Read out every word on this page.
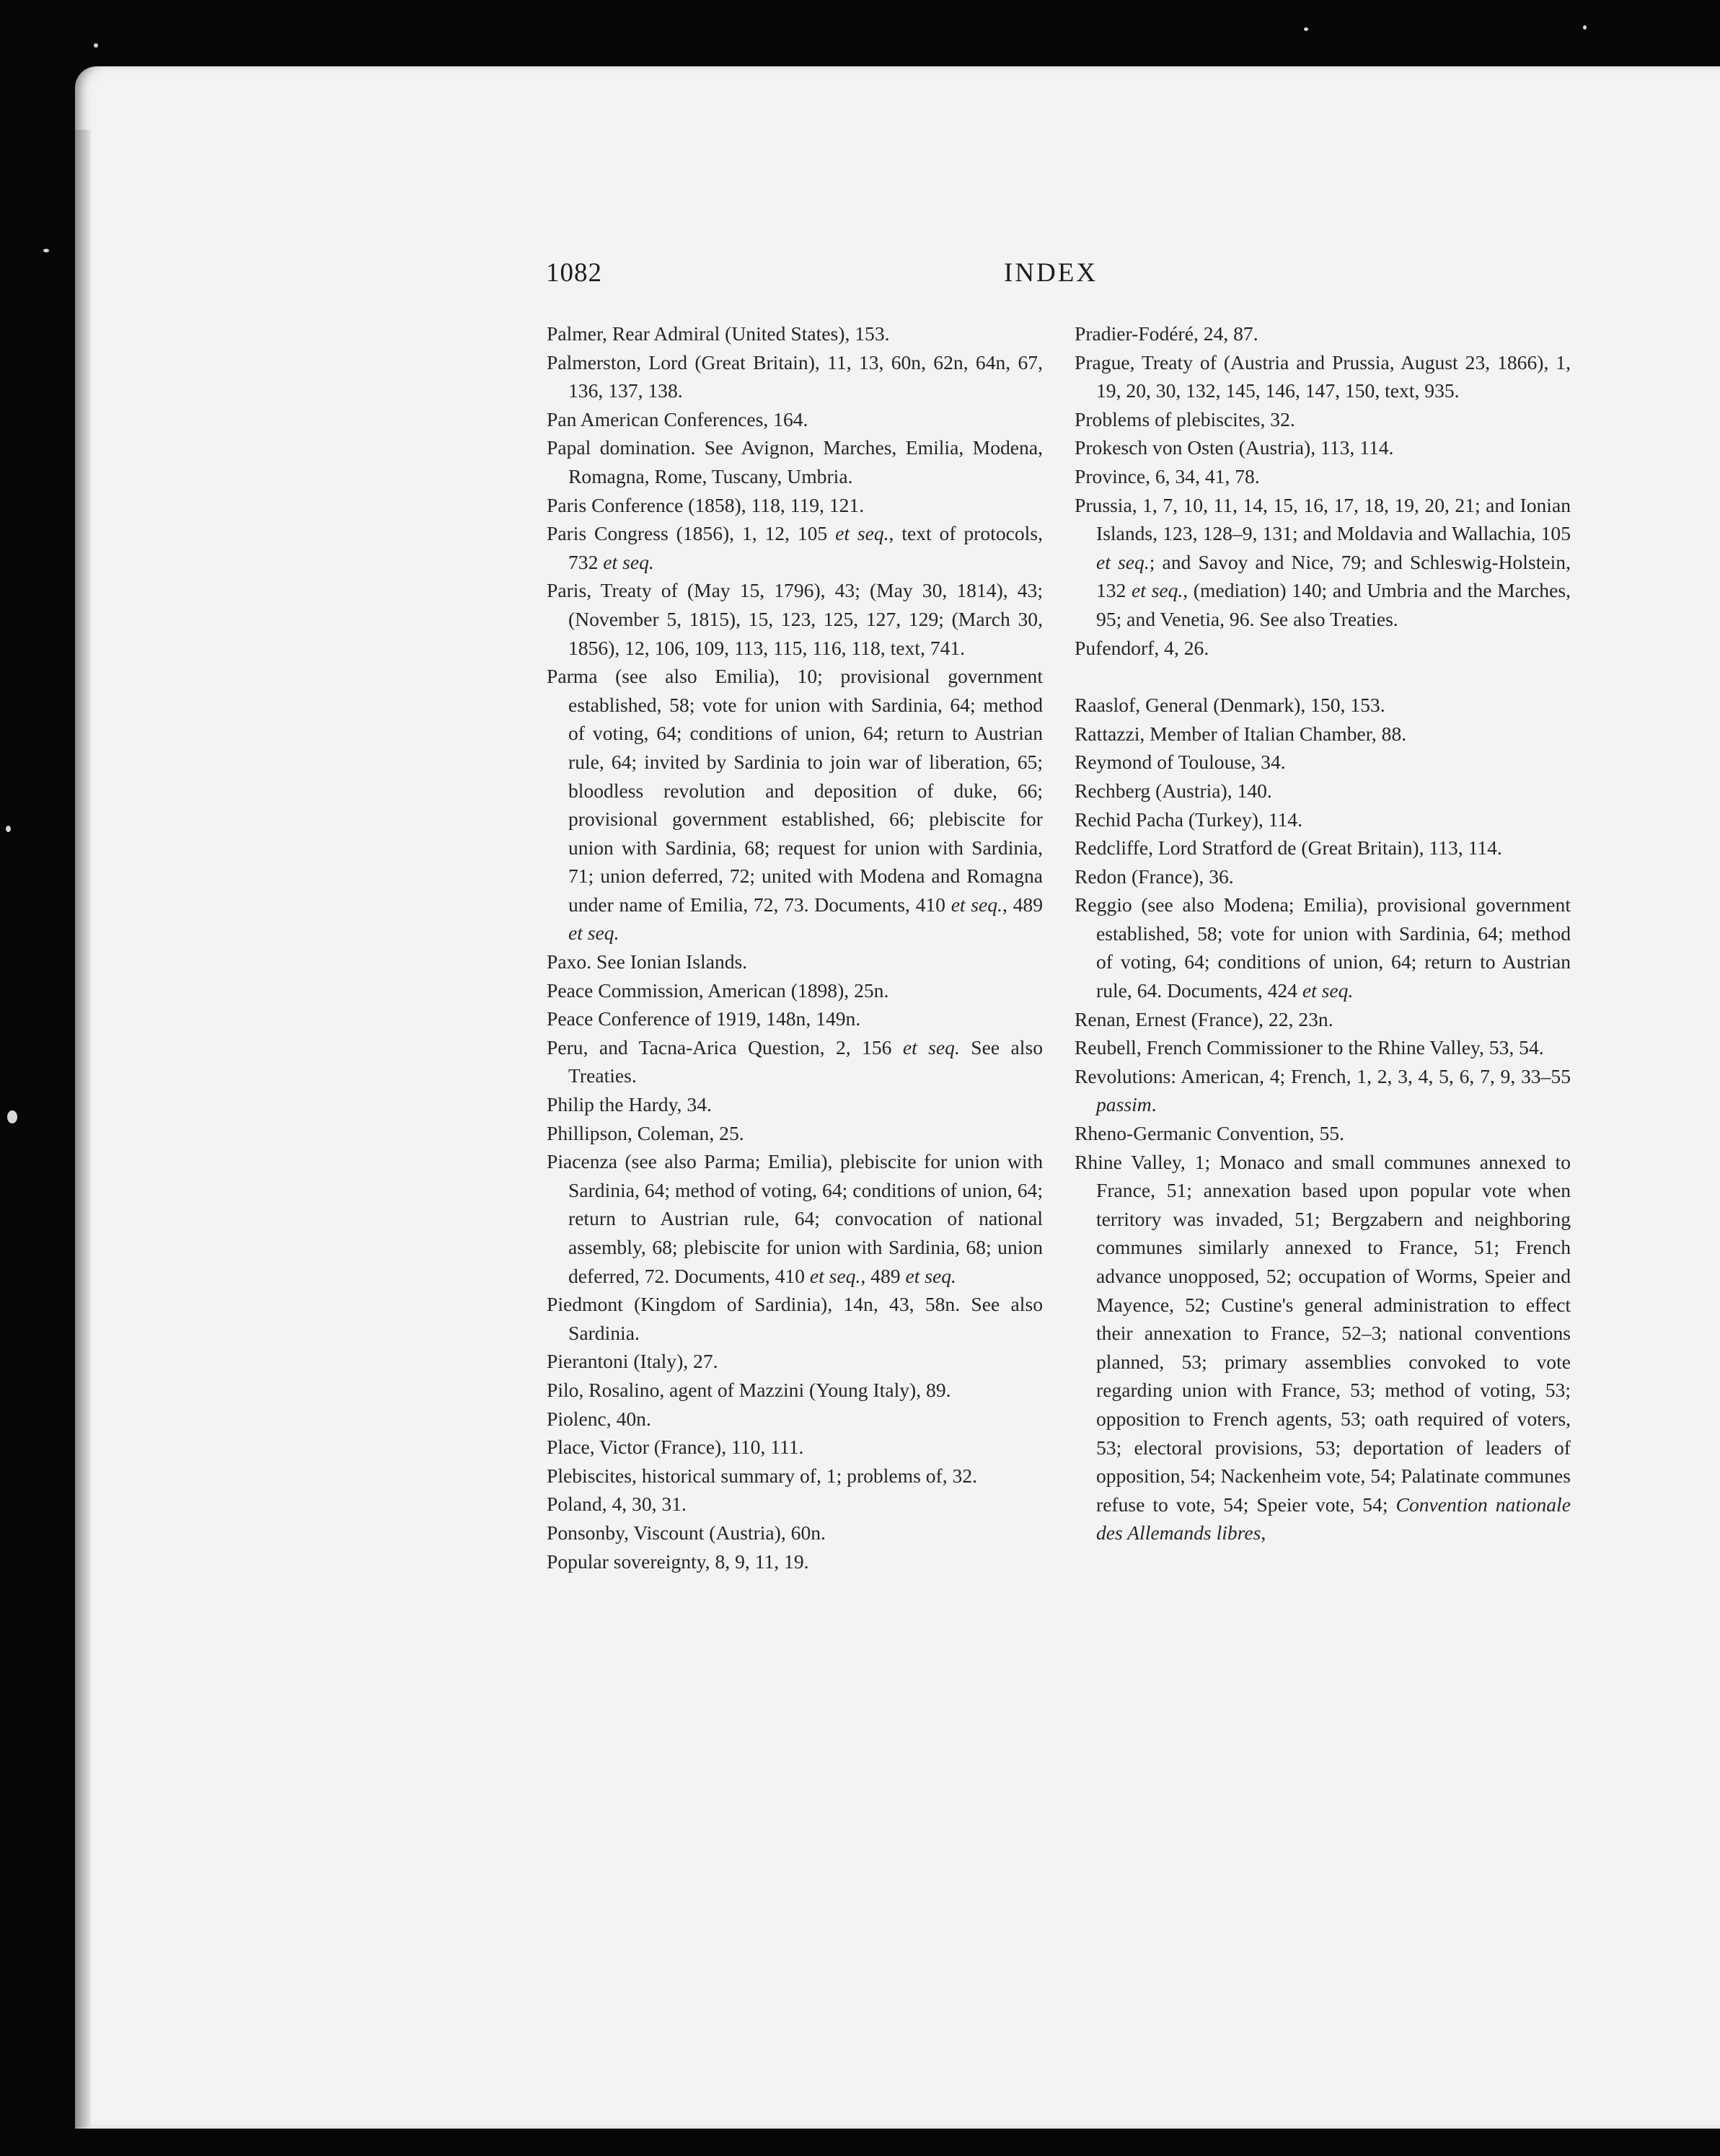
1082	INDEX

Palmer, Rear Admiral (United States), 153.

Palmerston, Lord (Great Britain), 11, 13, 60n, 62n, 64n, 67, 136, 137, 138.

Pan American Conferences, 164.

Papal domination. See Avignon, Marches, Emilia, Modena, Romagna, Rome, Tuscany, Umbria.

Paris Conference (1858), 118, 119, 121.

Paris Congress (1856), 1, 12, 105 et seq., text of protocols, 732 et seq.

Paris, Treaty of (May 15, 1796), 43; (May 30, 1814), 43; (November 5, 1815), 15, 123, 125, 127, 129; (March 30, 1856), 12, 106, 109, 113, 115, 116, 118, text, 741.

Parma (see also Emilia), 10; provisional government established, 58; vote for union with Sardinia, 64; method of voting, 64; conditions of union, 64; return to Austrian rule, 64; invited by Sardinia to join war of liberation, 65; bloodless revolution and deposition of duke, 66; provisional government established, 66; plebiscite for union with Sardinia, 68; request for union with Sardinia, 71; union deferred, 72; united with Modena and Romagna under name of Emilia, 72, 73. Documents, 410 et seq., 489 et seq.

Paxo. See Ionian Islands.

Peace Commission, American (1898), 25n.

Peace Conference of 1919, 148n, 149n.

Peru, and Tacna-Arica Question, 2, 156 et seq. See also Treaties.

Philip the Hardy, 34.

Phillipson, Coleman, 25.

Piacenza (see also Parma; Emilia), plebiscite for union with Sardinia, 64; method of voting, 64; conditions of union, 64; return to Austrian rule, 64; convocation of national assembly, 68; plebiscite for union with Sardinia, 68; union deferred, 72. Documents, 410 et seq., 489 et seq.

Piedmont (Kingdom of Sardinia), 14n, 43, 58n. See also Sardinia.

Pierantoni (Italy), 27.

Pilo, Rosalino, agent of Mazzini (Young Italy), 89.

Piolenc, 40n.

Place, Victor (France), 110, 111.

Plebiscites, historical summary of, 1; problems of, 32.

Poland, 4, 30, 31.

Ponsonby, Viscount (Austria), 60n.

Popular sovereignty, 8, 9, 11, 19.

Pradier-Fodéré, 24, 87.

Prague, Treaty of (Austria and Prussia, August 23, 1866), 1, 19, 20, 30, 132, 145, 146, 147, 150, text, 935.

Problems of plebiscites, 32.

Prokesch von Osten (Austria), 113, 114.

Province, 6, 34, 41, 78.

Prussia, 1, 7, 10, 11, 14, 15, 16, 17, 18, 19, 20, 21; and Ionian Islands, 123, 128–9, 131; and Moldavia and Wallachia, 105 et seq.; and Savoy and Nice, 79; and Schleswig-Holstein, 132 et seq., (mediation) 140; and Umbria and the Marches, 95; and Venetia, 96. See also Treaties.

Pufendorf, 4, 26.

Raaslof, General (Denmark), 150, 153.

Rattazzi, Member of Italian Chamber, 88.

Reymond of Toulouse, 34.

Rechberg (Austria), 140.

Rechid Pacha (Turkey), 114.

Redcliffe, Lord Stratford de (Great Britain), 113, 114.

Redon (France), 36.

Reggio (see also Modena; Emilia), provisional government established, 58; vote for union with Sardinia, 64; method of voting, 64; conditions of union, 64; return to Austrian rule, 64. Documents, 424 et seq.

Renan, Ernest (France), 22, 23n.

Reubell, French Commissioner to the Rhine Valley, 53, 54.

Revolutions: American, 4; French, 1, 2, 3, 4, 5, 6, 7, 9, 33–55 passim.

Rheno-Germanic Convention, 55.

Rhine Valley, 1; Monaco and small communes annexed to France, 51; annexation based upon popular vote when territory was invaded, 51; Bergzabern and neighboring communes similarly annexed to France, 51; French advance unopposed, 52; occupation of Worms, Speier and Mayence, 52; Custine's general administration to effect their annexation to France, 52–3; national conventions planned, 53; primary assemblies convoked to vote regarding union with France, 53; method of voting, 53; opposition to French agents, 53; oath required of voters, 53; electoral provisions, 53; deportation of leaders of opposition, 54; Nackenheim vote, 54; Palatinate communes refuse to vote, 54; Speier vote, 54; Convention nationale des Allemands libres,
